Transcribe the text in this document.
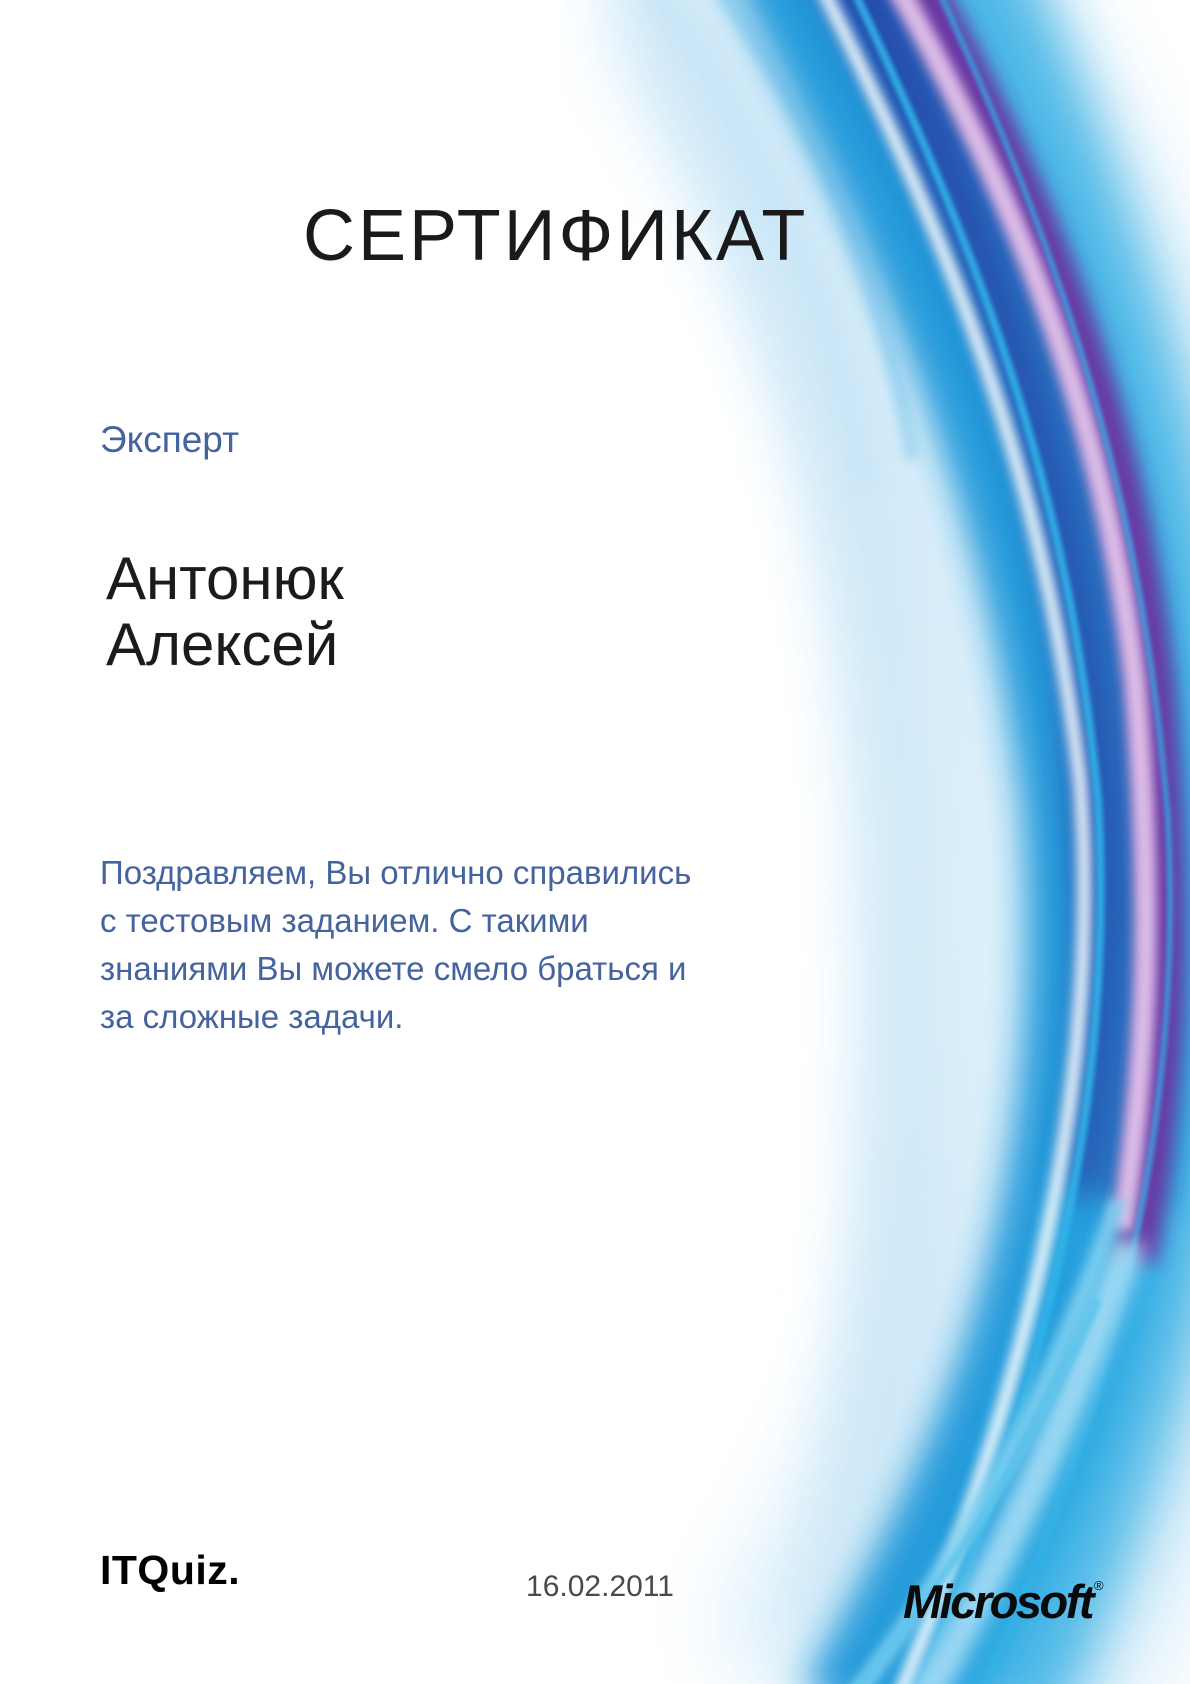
СЕРТИФИКАТ
Эксперт
Антонюк
Алексей
Поздравляем, Вы отлично справились
с тестовым заданием. С такими
знаниями Вы можете смело браться и
за сложные задачи.
ITQuiz.	16.02.2011	Microsoft ®
